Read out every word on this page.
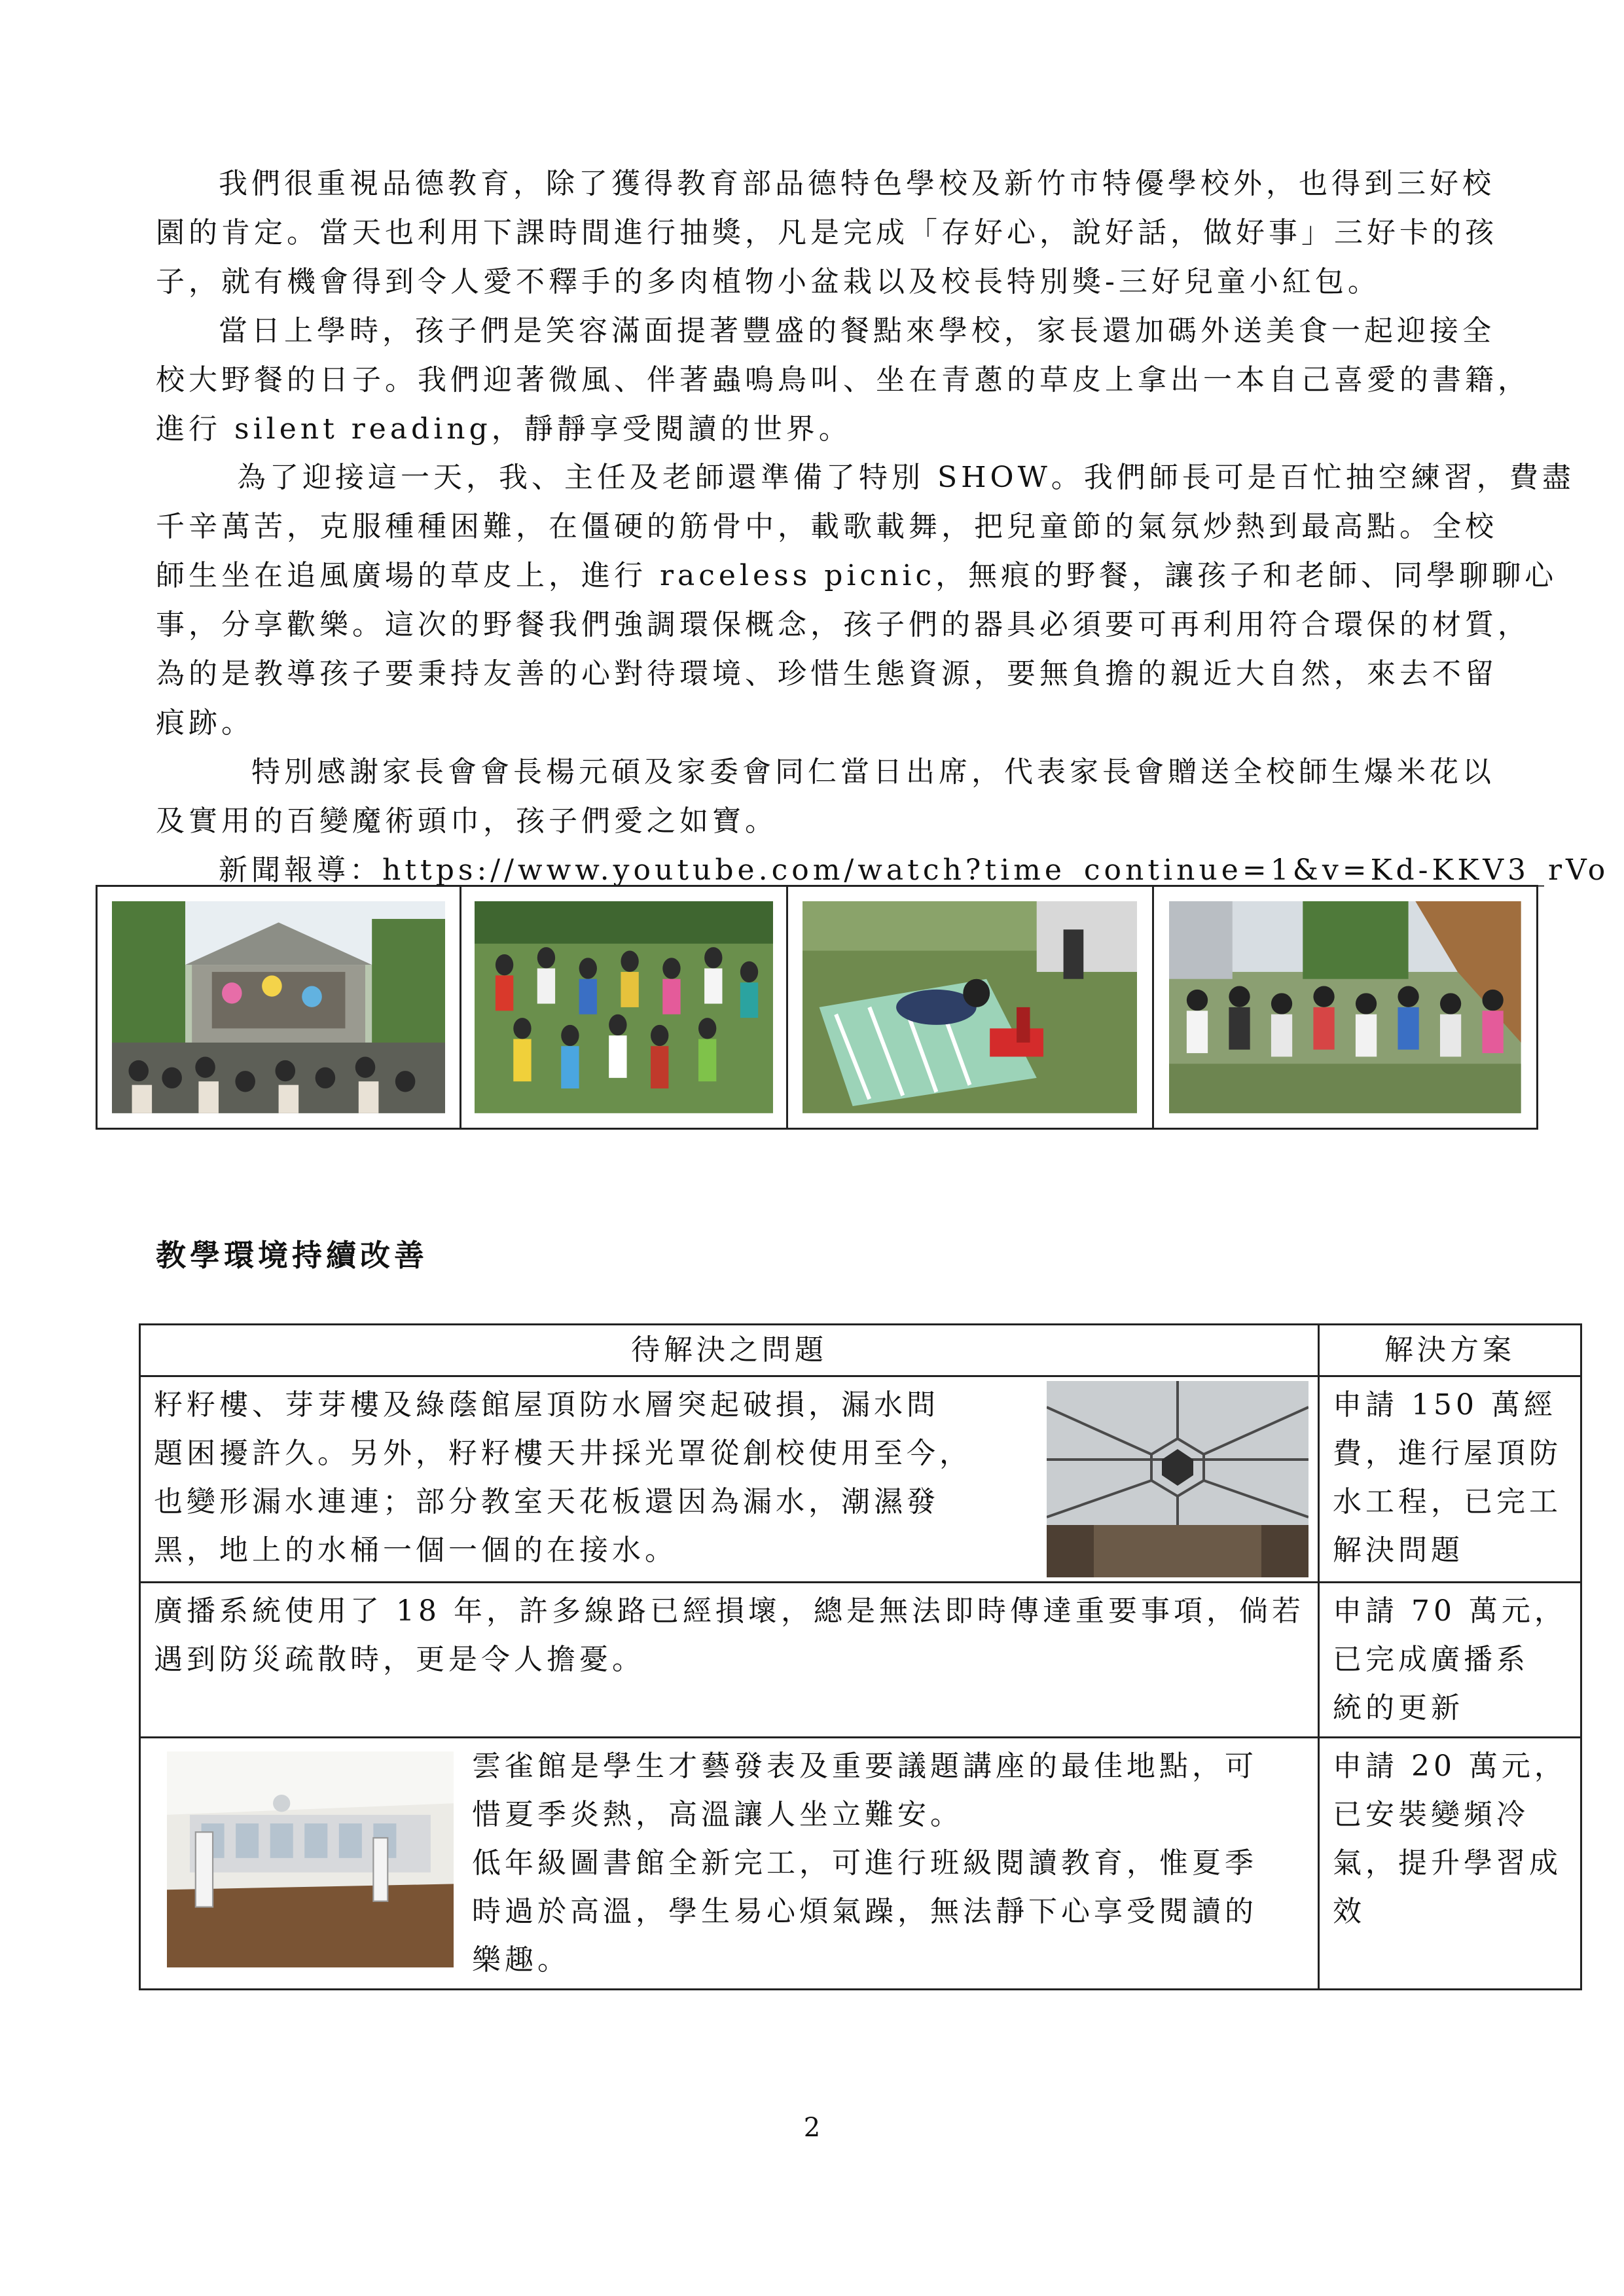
我們很重視品德教育，除了獲得教育部品德特色學校及新竹市特優學校外，也得到三好校
園的肯定。當天也利用下課時間進行抽獎，凡是完成「存好心，說好話，做好事」三好卡的孩
子，就有機會得到令人愛不釋手的多肉植物小盆栽以及校長特別獎-三好兒童小紅包。
當日上學時，孩子們是笑容滿面提著豐盛的餐點來學校，家長還加碼外送美食一起迎接全
校大野餐的日子。我們迎著微風、伴著蟲鳴鳥叫、坐在青蔥的草皮上拿出一本自己喜愛的書籍，
進行 silent reading，靜靜享受閱讀的世界。
為了迎接這一天，我、主任及老師還準備了特別 SHOW。我們師長可是百忙抽空練習，費盡
千辛萬苦，克服種種困難，在僵硬的筋骨中，載歌載舞，把兒童節的氣氛炒熱到最高點。全校
師生坐在追風廣場的草皮上，進行 raceless picnic，無痕的野餐，讓孩子和老師、同學聊聊心
事，分享歡樂。這次的野餐我們強調環保概念，孩子們的器具必須要可再利用符合環保的材質，
為的是教導孩子要秉持友善的心對待環境、珍惜生態資源，要無負擔的親近大自然，來去不留
痕跡。
特別感謝家長會會長楊元碩及家委會同仁當日出席，代表家長會贈送全校師生爆米花以
及實用的百變魔術頭巾，孩子們愛之如寶。
新聞報導：https://www.youtube.com/watch?time_continue=1&v=Kd-KKV3_rVo
教學環境持續改善
待解決之問題	解決方案

籽籽樓、芽芽樓及綠蔭館屋頂防水層突起破損，漏水問
題困擾許久。另外，籽籽樓天井採光罩從創校使用至今，
也變形漏水連連；部分教室天花板還因為漏水，潮濕發
黑，地上的水桶一個一個的在接水。	申請 150 萬經
費，進行屋頂防
水工程，已完工
解決問題

廣播系統使用了 18 年，許多線路已經損壞，總是無法即時傳達重要事項，倘若
遇到防災疏散時，更是令人擔憂。	申請 70 萬元，
已完成廣播系
統的更新

雲雀館是學生才藝發表及重要議題講座的最佳地點，可
惜夏季炎熱，高溫讓人坐立難安。
低年級圖書館全新完工，可進行班級閱讀教育，惟夏季
時過於高溫，學生易心煩氣躁，無法靜下心享受閱讀的
樂趣。	申請 20 萬元，
已安裝變頻冷
氣，提升學習成
效
2
